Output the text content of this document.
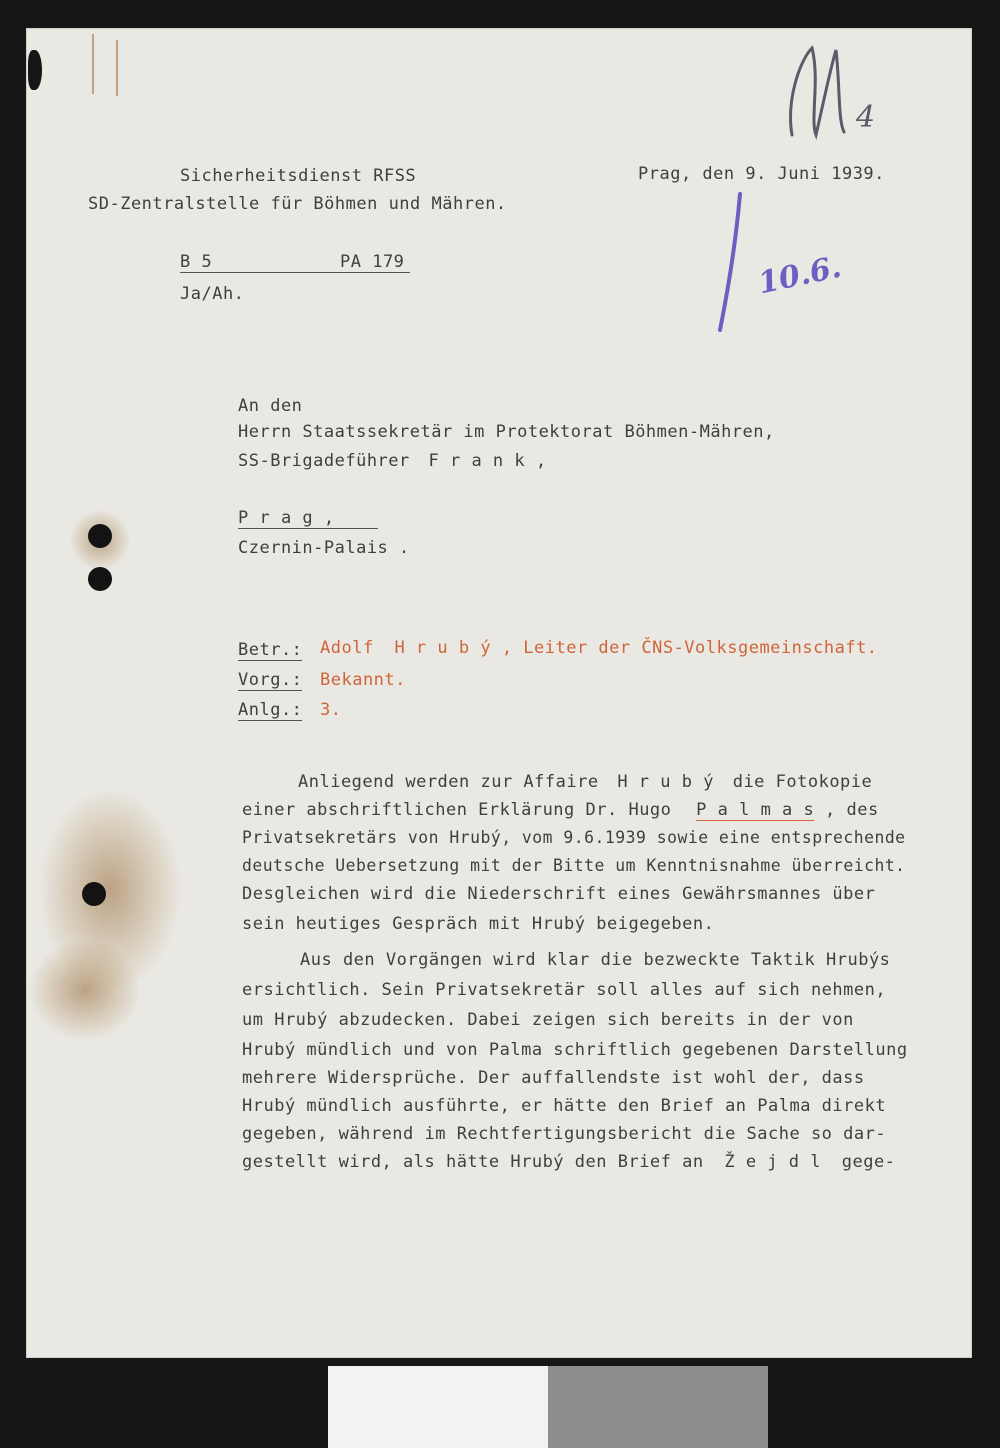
4
10.6.
Sicherheitsdienst RFSS
SD-Zentralstelle für Böhmen und Mähren.
Prag, den 9. Juni 1939.
B 5	PA 179
Ja/Ah.
An den
Herrn Staatssekretär im Protektorat Böhmen-Mähren,
SS-Brigadeführer F r a n k ,
P r a g ,
Czernin-Palais .
Betr.: Adolf H r u b ý , Leiter der ČNS-Volksgemeinschaft.
Vorg.: Bekannt.
Anlg.: 3.
Anliegend werden zur Affaire H r u b ý die Fotokopie
einer abschriftlichen Erklärung Dr. Hugo P a l m a s , des
Privatsekretärs von Hrubý, vom 9.6.1939 sowie eine entsprechende
deutsche Uebersetzung mit der Bitte um Kenntnisnahme überreicht.
Desgleichen wird die Niederschrift eines Gewährsmannes über
sein heutiges Gespräch mit Hrubý beigegeben.
Aus den Vorgängen wird klar die bezweckte Taktik Hrubýs
ersichtlich. Sein Privatsekretär soll alles auf sich nehmen,
um Hrubý abzudecken. Dabei zeigen sich bereits in der von
Hrubý mündlich und von Palma schriftlich gegebenen Darstellung
mehrere Widersprüche. Der auffallendste ist wohl der, dass
Hrubý mündlich ausführte, er hätte den Brief an Palma direkt
gegeben, während im Rechtfertigungsbericht die Sache so dar-
gestellt wird, als hätte Hrubý den Brief an Ž e j d l gege-
